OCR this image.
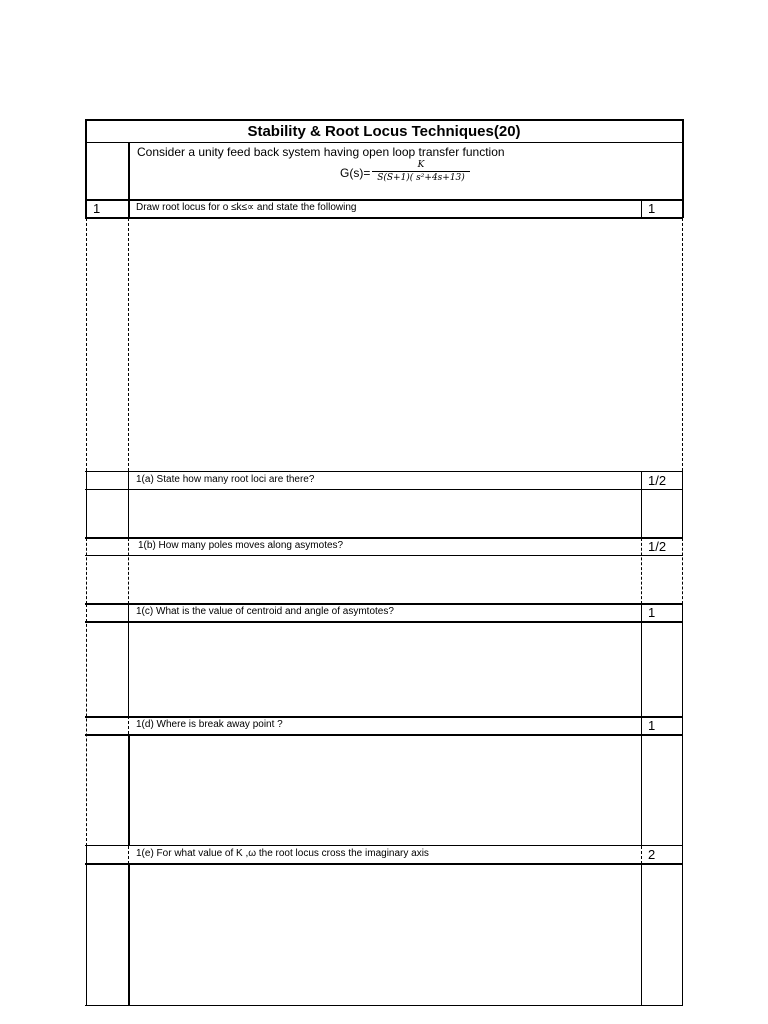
Stability & Root Locus Techniques(20)
Consider a unity feed back system having open loop transfer function
G(s)=
K
S(S+1)( s²+4s+13)
1	Draw root locus for o ≤k≤∝ and state the following	1
1(a) State how many root loci are there?	1/2
1(b) How many poles moves along asymotes?	1/2
1(c) What is the value of centroid and angle of asymtotes?	1
1(d) Where is break away point ?	1
1(e) For what value of K ,ω the root locus cross the imaginary axis	2
